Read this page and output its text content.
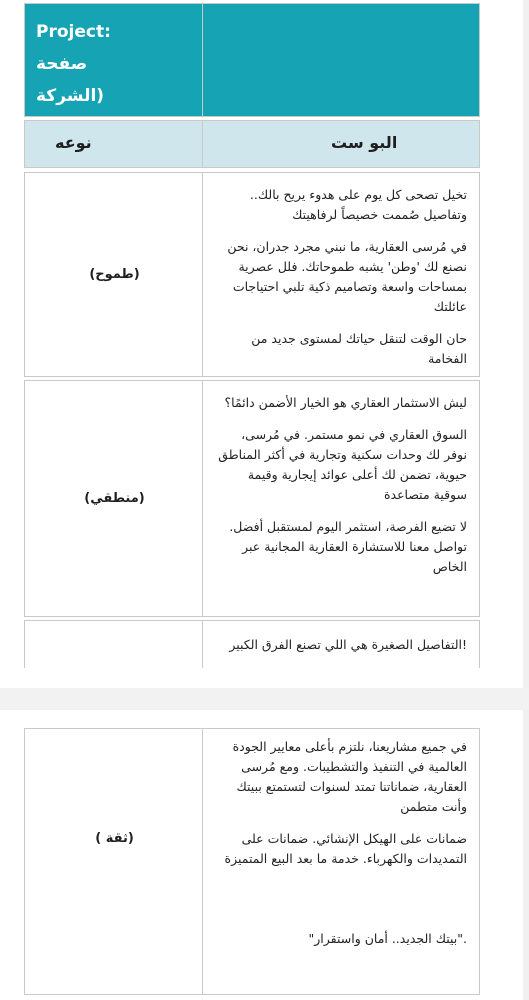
Project:
صفحة (الشركة
نوعه	البو ست
(طموح)

تخيل تصحى كل يوم على هدوء يريح بالك.. وتفاصيل صُممت خصيصاً لرفاهيتك

في مُرسى العقارية، ما نبني مجرد جدران، نحن نصنع لك 'وطن' يشبه طموحاتك. فلل عصرية بمساحات واسعة وتصاميم ذكية تلبي احتياجات عائلتك

حان الوقت لتنقل حياتك لمستوى جديد من الفخامة

(منطقي)

ليش الاستثمار العقاري هو الخيار الأضمن دائمًا؟

السوق العقاري في نمو مستمر. في مُرسى، نوفر لك وحدات سكنية وتجارية في أكثر المناطق حيوية، تضمن لك أعلى عوائد إيجارية وقيمة سوقية متصاعدة

لا تضيع الفرصة، استثمر اليوم لمستقبل أفضل. تواصل معنا للاستشارة العقارية المجانية عبر الخاص

!التفاصيل الصغيرة هي اللي تصنع الفرق الكبير

(ثقة )

في جميع مشاريعنا، نلتزم بأعلى معايير الجودة العالمية في التنفيذ والتشطيبات. ومع مُرسى العقارية، ضماناتنا تمتد لسنوات لتستمتع ببيتك وأنت متطمن

ضمانات على الهيكل الإنشائي. ضمانات على التمديدات والكهرباء. خدمة ما بعد البيع المتميزة

."بيتك الجديد.. أمان واستقرار"
